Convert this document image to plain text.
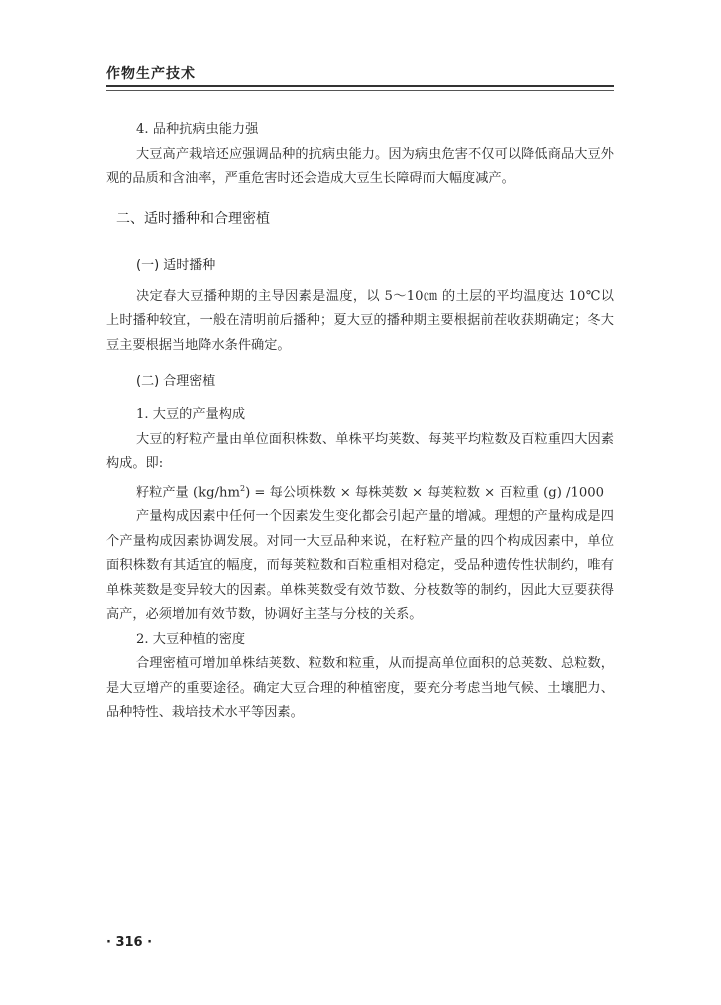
作物生产技术

4. 品种抗病虫能力强

大豆高产栽培还应强调品种的抗病虫能力。因为病虫危害不仅可以降低商品大豆外观的品质和含油率，严重危害时还会造成大豆生长障碍而大幅度减产。

二、适时播种和合理密植

(一) 适时播种

决定春大豆播种期的主导因素是温度，以 5～10㎝ 的土层的平均温度达 10℃以上时播种较宜，一般在清明前后播种；夏大豆的播种期主要根据前茬收获期确定；冬大豆主要根据当地降水条件确定。

(二) 合理密植

1. 大豆的产量构成

大豆的籽粒产量由单位面积株数、单株平均荚数、每荚平均粒数及百粒重四大因素构成。即:

籽粒产量 $(kg/hm^2)$ = 每公顷株数 × 每株荚数 × 每荚粒数 × 百粒重 (g) /1000

产量构成因素中任何一个因素发生变化都会引起产量的增减。理想的产量构成是四个产量构成因素协调发展。对同一大豆品种来说，在籽粒产量的四个构成因素中，单位面积株数有其适宜的幅度，而每荚粒数和百粒重相对稳定，受品种遗传性状制约，唯有单株荚数是变异较大的因素。单株荚数受有效节数、分枝数等的制约，因此大豆要获得高产，必须增加有效节数，协调好主茎与分枝的关系。

2. 大豆种植的密度

合理密植可增加单株结荚数、粒数和粒重，从而提高单位面积的总荚数、总粒数，是大豆增产的重要途径。确定大豆合理的种植密度，要充分考虑当地气候、土壤肥力、品种特性、栽培技术水平等因素。

· 316 ·
